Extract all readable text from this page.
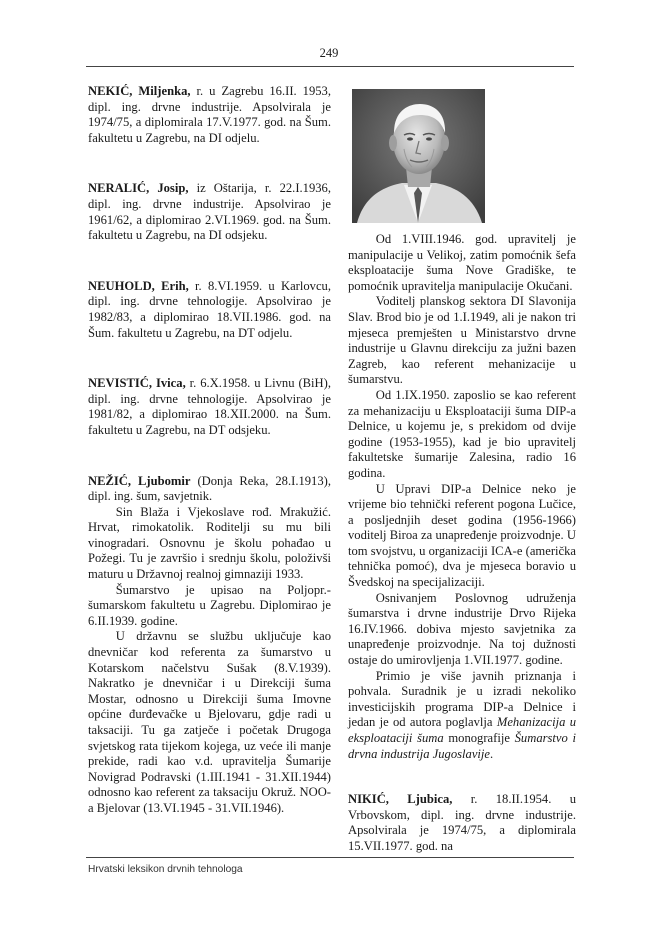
249

NEKIĆ, Miljenka, r. u Zagrebu 16.II. 1953, dipl. ing. drvne industrije. Apsolvirala je 1974/75, a diplomirala 17.V.1977. god. na Šum. fakultetu u Zagrebu, na DI odjelu.

NERALIĆ, Josip, iz Oštarija, r. 22.I.1936, dipl. ing. drvne industrije. Apsolvirao je 1961/62, a diplomirao 2.VI.1969. god. na Šum. fakultetu u Zagrebu, na DI odsjeku.

NEUHOLD, Erih, r. 8.VI.1959. u Karlovcu, dipl. ing. drvne tehnologije. Apsolvirao je 1982/83, a diplomirao 18.VII.1986. god. na Šum. fakultetu u Zagrebu, na DT odjelu.

NEVISTIĆ, Ivica, r. 6.X.1958. u Livnu (BiH), dipl. ing. drvne tehnologije. Apsolvirao je 1981/82, a diplomirao 18.XII.2000. na Šum. fakultetu u Zagrebu, na DT odsjeku.

NEŽIĆ, Ljubomir (Donja Reka, 28.I.1913), dipl. ing. šum, savjetnik.

Sin Blaža i Vjekoslave rođ. Mrakužić. Hrvat, rimokatolik. Roditelji su mu bili vinogradari. Osnovnu je školu pohađao u Požegi. Tu je završio i srednju školu, položivši maturu u Državnoj realnoj gimnaziji 1933.

Šumarstvo je upisao na Poljopr.-šumarskom fakultetu u Zagrebu. Diplomirao je 6.II.1939. godine.

U državnu se službu uključuje kao dnevničar kod referenta za šumarstvo u Kotarskom načelstvu Sušak (8.V.1939). Nakratko je dnevničar i u Direkciji šuma Mostar, odnosno u Direkciji šuma Imovne općine đurđevačke u Bjelovaru, gdje radi u taksaciji. Tu ga zatječe i početak Drugoga svjetskog rata tijekom kojega, uz veće ili manje prekide, radi kao v.d. upravitelja Šumarije Novigrad Podravski (1.III.1941 - 31.XII.1944) odnosno kao referent za taksaciju Okruž. NOO-a Bjelovar (13.VI.1945 - 31.VII.1946).

Od 1.VIII.1946. god. upravitelj je manipulacije u Velikoj, zatim pomoćnik šefa eksploatacije šuma Nove Gradiške, te pomoćnik upravitelja manipulacije Okučani.

Voditelj planskog sektora DI Slavonija Slav. Brod bio je od 1.I.1949, ali je nakon tri mjeseca premješten u Ministarstvo drvne industrije u Glavnu direkciju za južni bazen Zagreb, kao referent mehanizacije u šumarstvu.

Od 1.IX.1950. zaposlio se kao referent za mehanizaciju u Eksploataciji šuma DIP-a Delnice, u kojemu je, s prekidom od dvije godine (1953-1955), kad je bio upravitelj fakultetske šumarije Zalesina, radio 16 godina.

U Upravi DIP-a Delnice neko je vrijeme bio tehnički referent pogona Lučice, a posljednjih deset godina (1956-1966) voditelj Biroa za unapređenje proizvodnje. U tom svojstvu, u organizaciji ICA-e (američka tehnička pomoć), dva je mjeseca boravio u Švedskoj na specijalizaciji.

Osnivanjem Poslovnog udruženja šumarstva i drvne industrije Drvo Rijeka 16.IV.1966. dobiva mjesto savjetnika za unapređenje proizvodnje. Na toj dužnosti ostaje do umirovljenja 1.VII.1977. godine.

Primio je više javnih priznanja i pohvala. Suradnik je u izradi nekoliko investicijskih programa DIP-a Delnice i jedan je od autora poglavlja Mehanizacija u eksploataciji šuma monografije Šumarstvo i drvna industrija Jugoslavije.

NIKIĆ, Ljubica, r. 18.II.1954. u Vrbovskom, dipl. ing. drvne industrije. Apsolvirala je 1974/75, a diplomirala 15.VII.1977. god. na

Hrvatski leksikon drvnih tehnologa
